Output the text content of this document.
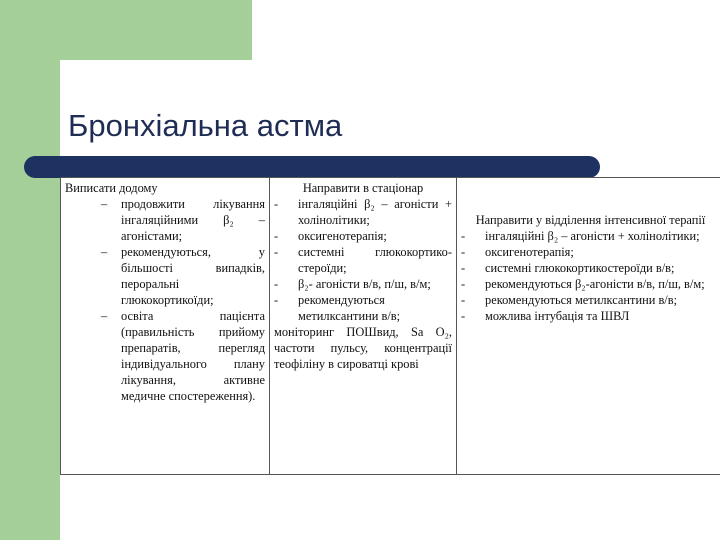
Бронхіальна астма
Виписати додому
– продовжити лікування інгаляційними β₂ – агоністами;
– рекомендуються, у більшості випадків, пероральні глюкокортикоїди;
– освіта пацієнта (правильність прийому препаратів, перегляд індивідуального плану лікування, активне медичне спостереження).

Направити в стаціонар
- інгаляційні β₂ – агоністи + холінолітики;
- оксигенотерапія;
- системні глюкокортико-стероїди;
- β₂- агоністи в/в, п/ш, в/м;
- рекомендуються метилксантини в/в;
моніторинг ПОШвид, Sa O₂, частоти пульсу, концентрації теофіліну в сироватці крові

Направити у відділення інтенсивної терапії
- інгаляційні β₂ – агоністи + холінолітики;
- оксигенотерапія;
- системні глюкокортикостероїди в/в;
- рекомендуються β₂-агоністи в/в, п/ш, в/м;
- рекомендуються метилксантини в/в;
- можлива інтубація та ШВЛ
